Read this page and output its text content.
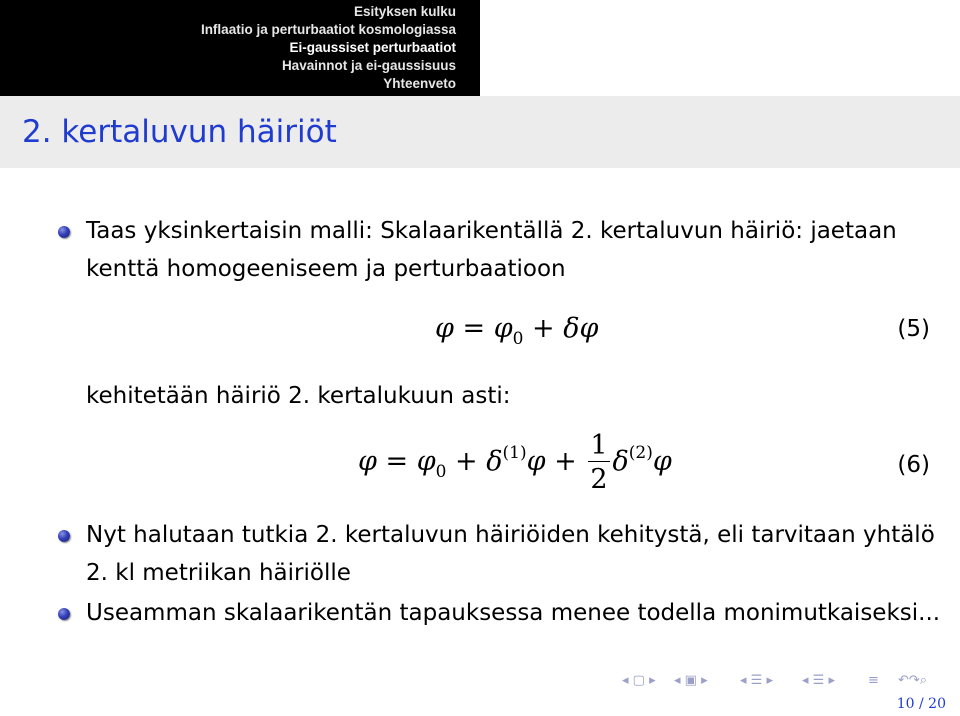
Esityksen kulku
Inflaatio ja perturbaatiot kosmologiassa
Ei-gaussiset perturbaatiot
Havainnot ja ei-gaussisuus
Yhteenveto
2. kertaluvun häiriöt
Taas yksinkertaisin malli: Skalaarikentällä 2. kertaluvun häiriö: jaetaan kenttä homogeeniseem ja perturbaatioon
$\varphi = \varphi_0 + \delta\varphi$	(5)
kehitetään häiriö 2. kertalukuun asti:
$\varphi = \varphi_0 + \delta^{(1)}\varphi + \frac{1}{2} \delta^{(2)}\varphi$	(6)
Nyt halutaan tutkia 2. kertaluvun häiriöiden kehitystä, eli tarvitaan yhtälö 2. kl metriikan häiriölle
Useamman skalaarikentän tapauksessa menee todella monimutkaiseksi...
◂ ▢ ▸ ◂ ▣ ▸ ◂ ☰ ▸ ◂ ☰ ▸	≡ ↶↷⌕
10 / 20
